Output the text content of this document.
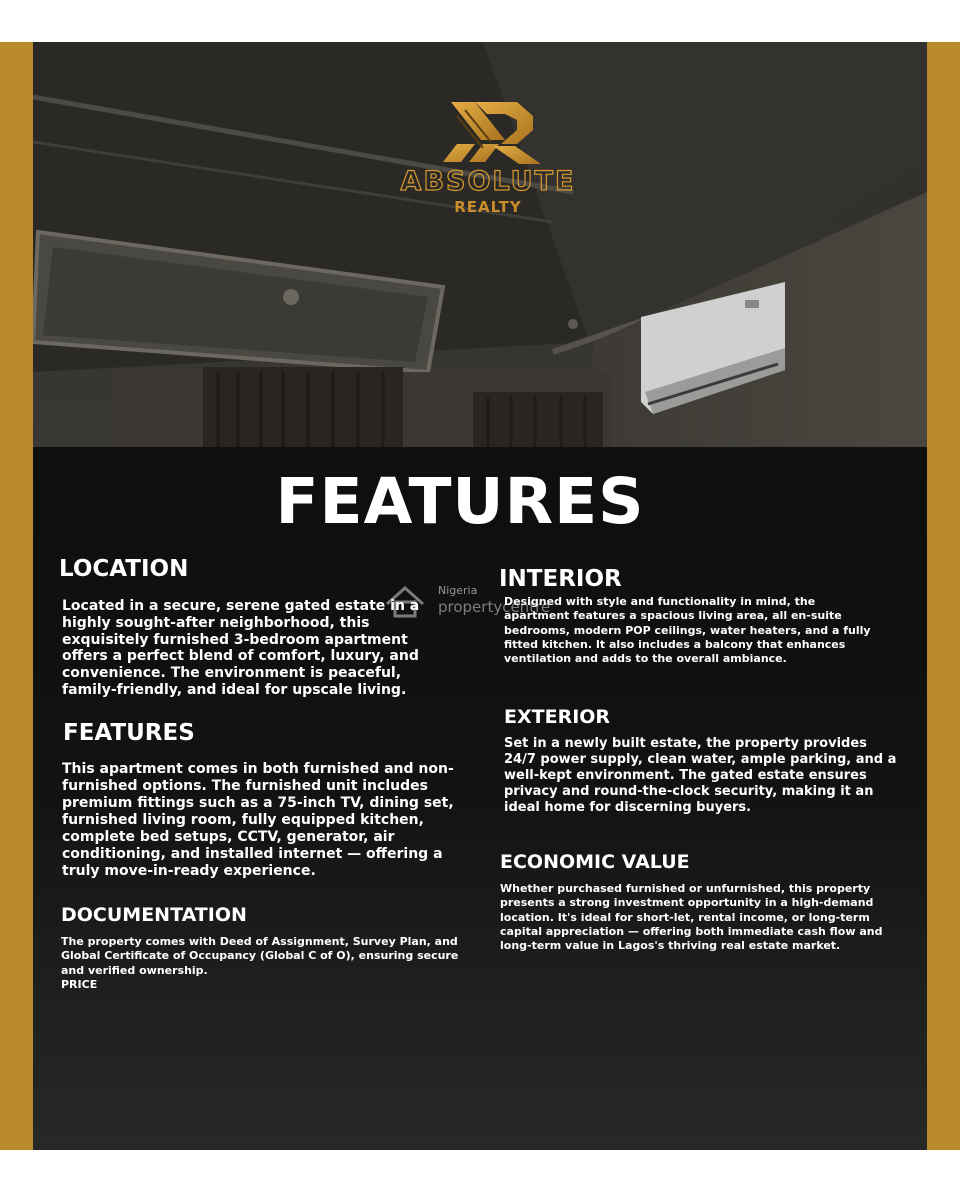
ABSOLUTE
REALTY
FEATURES
Nigeria
propertycentre
LOCATION

Located in a secure, serene gated estate in a highly sought-after neighborhood, this exquisitely furnished 3-bedroom apartment offers a perfect blend of comfort, luxury, and convenience. The environment is peaceful, family-friendly, and ideal for upscale living.

FEATURES

This apartment comes in both furnished and non-furnished options. The furnished unit includes premium fittings such as a 75-inch TV, dining set, furnished living room, fully equipped kitchen, complete bed setups, CCTV, generator, air conditioning, and installed internet — offering a truly move-in-ready experience.

DOCUMENTATION

The property comes with Deed of Assignment, Survey Plan, and Global Certificate of Occupancy (Global C of O), ensuring secure and verified ownership.

PRICE

INTERIOR

Designed with style and functionality in mind, the apartment features a spacious living area, all en-suite bedrooms, modern POP ceilings, water heaters, and a fully fitted kitchen. It also includes a balcony that enhances ventilation and adds to the overall ambiance.

EXTERIOR

Set in a newly built estate, the property provides 24/7 power supply, clean water, ample parking, and a well-kept environment. The gated estate ensures privacy and round-the-clock security, making it an ideal home for discerning buyers.

ECONOMIC VALUE

Whether purchased furnished or unfurnished, this property presents a strong investment opportunity in a high-demand location. It's ideal for short-let, rental income, or long-term capital appreciation — offering both immediate cash flow and long-term value in Lagos's thriving real estate market.
